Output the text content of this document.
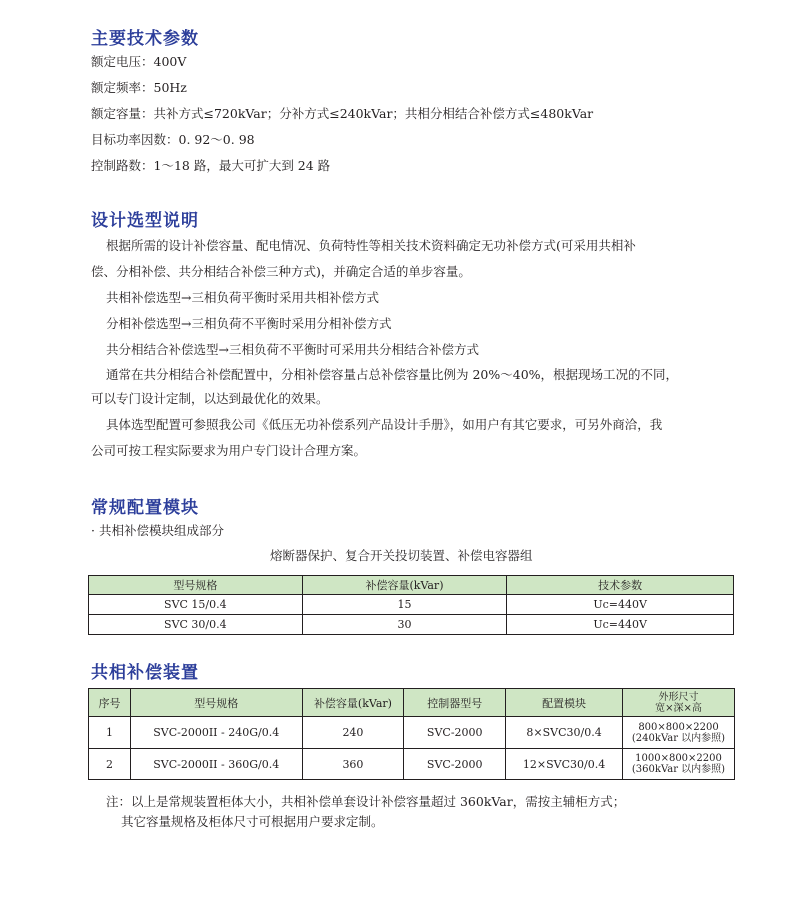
主要技术参数

额定电压：400V

额定频率：50Hz

额定容量：共补方式≤720kVar；分补方式≤240kVar；共相分相结合补偿方式≤480kVar

目标功率因数：0. 92～0. 98

控制路数：1～18 路，最大可扩大到 24 路

设计选型说明

根据所需的设计补偿容量、配电情况、负荷特性等相关技术资料确定无功补偿方式(可采用共相补

偿、分相补偿、共分相结合补偿三种方式)，并确定合适的单步容量。

共相补偿选型→三相负荷平衡时采用共相补偿方式

分相补偿选型→三相负荷不平衡时采用分相补偿方式

共分相结合补偿选型→三相负荷不平衡时可采用共分相结合补偿方式

通常在共分相结合补偿配置中，分相补偿容量占总补偿容量比例为 20%～40%，根据现场工况的不同，

可以专门设计定制，以达到最优化的效果。

具体选型配置可参照我公司《低压无功补偿系列产品设计手册》，如用户有其它要求，可另外商洽，我

公司可按工程实际要求为用户专门设计合理方案。

常规配置模块

· 共相补偿模块组成部分

熔断器保护、复合开关投切装置、补偿电容器组

型号规格	补偿容量(kVar)	技术参数
SVC 15/0.4	15	Uc=440V
SVC 30/0.4	30	Uc=440V
共相补偿装置
序号	型号规格	补偿容量(kVar)	控制器型号	配置模块	外形尺寸
宽×深×高

1	SVC-2000II - 240G/0.4	240	SVC-2000	8×SVC30/0.4	800×800×2200
(240kVar 以内参照)

2	SVC-2000II - 360G/0.4	360	SVC-2000	12×SVC30/0.4	1000×800×2200
(360kVar 以内参照)

注：以上是常规装置柜体大小，共相补偿单套设计补偿容量超过 360kVar，需按主辅柜方式；

其它容量规格及柜体尺寸可根据用户要求定制。
